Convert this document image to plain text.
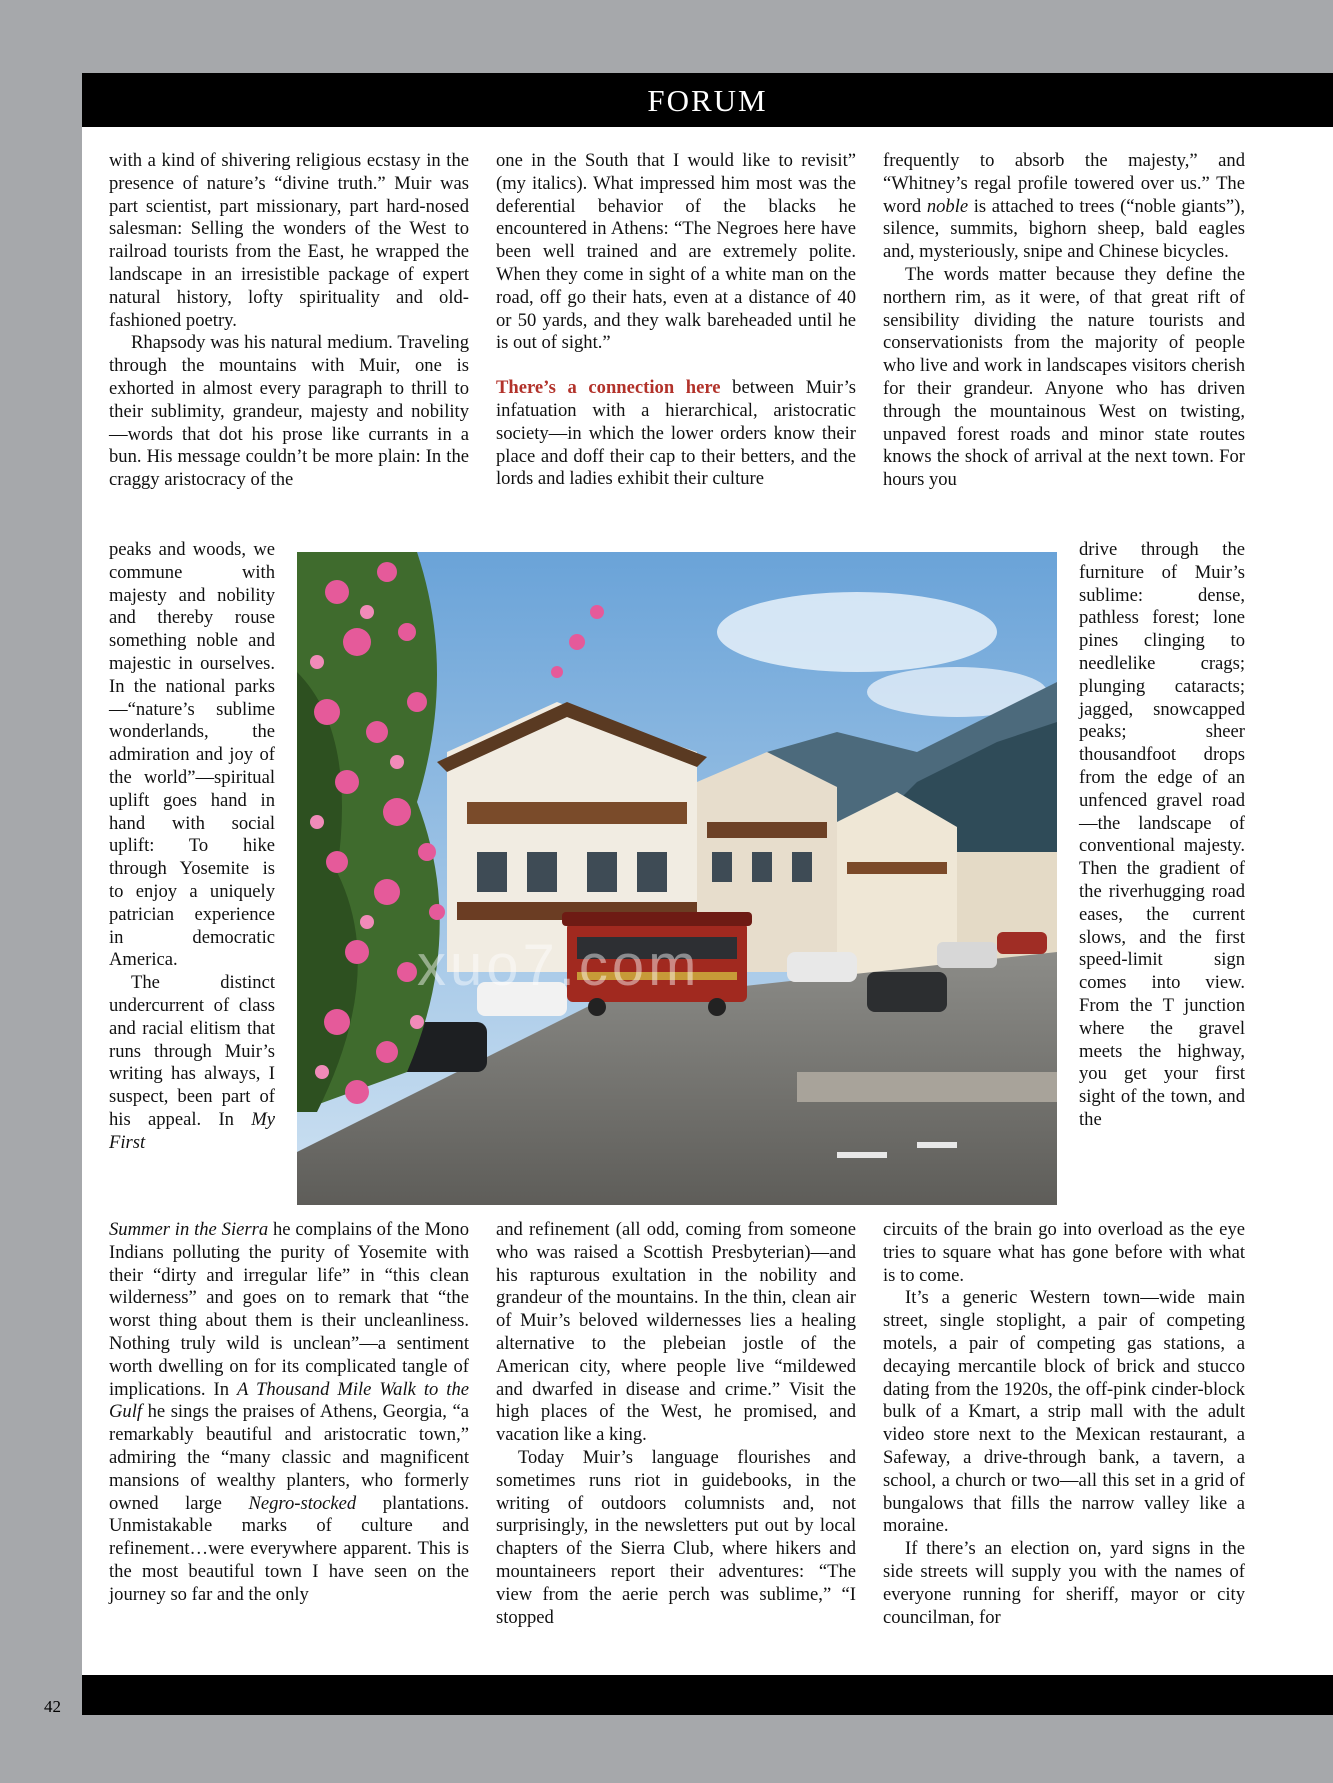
FORUM

with a kind of shivering religious ecstasy in the presence of nature’s “divine truth.” Muir was part scientist, part missionary, part hard-nosed salesman: Selling the wonders of the West to railroad tourists from the East, he wrapped the landscape in an irresistible package of expert natural history, lofty spirituality and old-fashioned poetry.

Rhapsody was his natural medium. Traveling through the mountains with Muir, one is exhorted in almost every paragraph to thrill to their sublimity, grandeur, majesty and nobility—words that dot his prose like currants in a bun. His message couldn’t be more plain: In the craggy aristocracy of the

peaks and woods, we commune with majesty and nobility and thereby rouse something noble and majestic in ourselves. In the national parks—“nature’s sublime wonderlands, the admiration and joy of the world”—spiritual uplift goes hand in hand with social uplift: To hike through Yosemite is to enjoy a uniquely patrician experience in democratic America.

The distinct undercurrent of class and racial elitism that runs through Muir’s writing has always, I suspect, been part of his appeal. In My First

Summer in the Sierra he complains of the Mono Indians polluting the purity of Yosemite with their “dirty and irregular life” in “this clean wilderness” and goes on to remark that “the worst thing about them is their uncleanliness. Nothing truly wild is unclean”—a sentiment worth dwelling on for its complicated tangle of implications. In A Thousand Mile Walk to the Gulf he sings the praises of Athens, Georgia, “a remarkably beautiful and aristocratic town,” admiring the “many classic and magnificent mansions of wealthy planters, who formerly owned large Negro-stocked plantations. Unmistakable marks of culture and refinement…were everywhere apparent. This is the most beautiful town I have seen on the journey so far and the only

one in the South that I would like to revisit” (my italics). What impressed him most was the deferential behavior of the blacks he encountered in Athens: “The Negroes here have been well trained and are extremely polite. When they come in sight of a white man on the road, off go their hats, even at a distance of 40 or 50 yards, and they walk bareheaded until he is out of sight.”

There’s a connection here between Muir’s infatuation with a hierarchical, aristocratic society—in which the lower orders know their place and doff their cap to their betters, and the lords and ladies exhibit their culture

and refinement (all odd, coming from someone who was raised a Scottish Presbyterian)—and his rapturous exultation in the nobility and grandeur of the mountains. In the thin, clean air of Muir’s beloved wildernesses lies a healing alternative to the plebeian jostle of the American city, where people live “mildewed and dwarfed in disease and crime.” Visit the high places of the West, he promised, and vacation like a king.

Today Muir’s language flourishes and sometimes runs riot in guidebooks, in the writing of outdoors columnists and, not surprisingly, in the newsletters put out by local chapters of the Sierra Club, where hikers and mountaineers report their adventures: “The view from the aerie perch was sublime,” “I stopped

frequently to absorb the majesty,” and “Whitney’s regal profile towered over us.” The word noble is attached to trees (“noble giants”), silence, summits, bighorn sheep, bald eagles and, mysteriously, snipe and Chinese bicycles.

The words matter because they define the northern rim, as it were, of that great rift of sensibility dividing the nature tourists and conservationists from the majority of people who live and work in landscapes visitors cherish for their grandeur. Anyone who has driven through the mountainous West on twisting, unpaved forest roads and minor state routes knows the shock of arrival at the next town. For hours you

drive through the furniture of Muir’s sublime: dense, pathless forest; lone pines clinging to needlelike crags; plunging cataracts; jagged, snowcapped peaks; sheer thousandfoot drops from the edge of an unfenced gravel road—the landscape of conventional majesty. Then the gradient of the riverhugging road eases, the current slows, and the first speed-limit sign comes into view. From the T junction where the gravel meets the highway, you get your first sight of the town, and the

circuits of the brain go into overload as the eye tries to square what has gone before with what is to come.

It’s a generic Western town—wide main street, single stoplight, a pair of competing motels, a pair of competing gas stations, a decaying mercantile block of brick and stucco dating from the 1920s, the off-pink cinder-block bulk of a Kmart, a strip mall with the adult video store next to the Mexican restaurant, a Safeway, a drive-through bank, a tavern, a school, a church or two—all this set in a grid of bungalows that fills the narrow valley like a moraine.

If there’s an election on, yard signs in the side streets will supply you with the names of everyone running for sheriff, mayor or city councilman, for

xuo7.com
42
